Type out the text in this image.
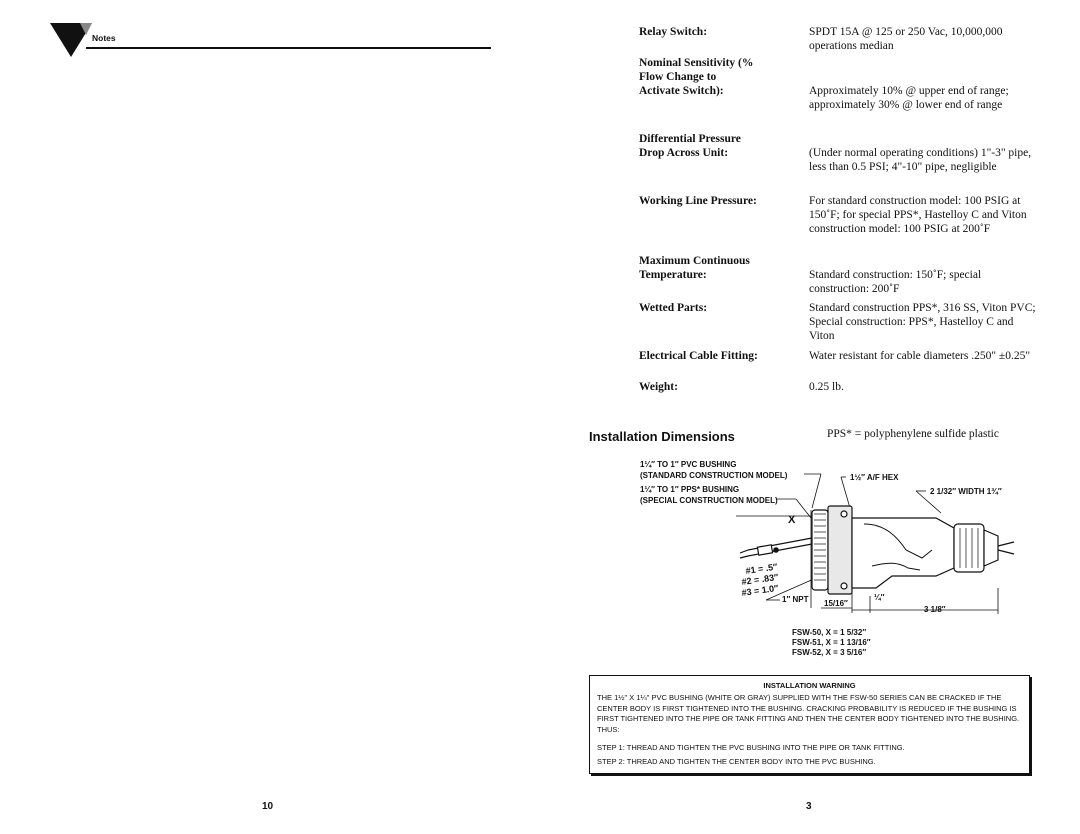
Notes
10
Relay Switch:	SPDT 15A @ 125 or 250 Vac, 10,000,000 operations median
Nominal Sensitivity (% Flow Change to Activate Switch):	Approximately 10% @ upper end of range; approximately 30% @ lower end of range
Differential Pressure Drop Across Unit:	(Under normal operating conditions) 1"-3" pipe, less than 0.5 PSI; 4"-10" pipe, negligible
Working Line Pressure:	For standard construction model: 100 PSIG at 150˚F; for special PPS*, Hastelloy C and Viton construction model: 100 PSIG at 200˚F
Maximum Continuous Temperature:	Standard construction: 150˚F; special construction: 200˚F
Wetted Parts:	Standard construction PPS*, 316 SS, Viton PVC; Special construction: PPS*, Hastelloy C and Viton
Electrical Cable Fitting:	Water resistant for cable diameters .250" ±0.25"
Weight:	0.25 lb.
PPS* = polyphenylene sulfide plastic
Installation Dimensions
1¼″ TO 1″ PVC BUSHING
(STANDARD CONSTRUCTION MODEL)
1¼″ TO 1″ PPS* BUSHING
(SPECIAL CONSTRUCTION MODEL)
1½″ A/F HEX
2 1/32″ WIDTH 1¾″
X
#1 = .5″
#2 = .83″
#3 = 1.0″
1″ NPT 15/16″
¼″
3 1/8″
FSW-50, X = 1 5/32″
FSW-51, X = 1 13/16″
FSW-52, X = 3 5/16″
INSTALLATION WARNING
THE 1½" X 1¼" PVC BUSHING (WHITE OR GRAY) SUPPLIED WITH THE FSW-50 SERIES CAN BE CRACKED IF THE CENTER BODY IS FIRST TIGHTENED INTO THE BUSHING. CRACKING PROBABILITY IS REDUCED IF THE BUSHING IS FIRST TIGHTENED INTO THE PIPE OR TANK FITTING AND THEN THE CENTER BODY TIGHTENED INTO THE BUSHING. THUS:
STEP 1: THREAD AND TIGHTEN THE PVC BUSHING INTO THE PIPE OR TANK FITTING.
STEP 2: THREAD AND TIGHTEN THE CENTER BODY INTO THE PVC BUSHING.
3
